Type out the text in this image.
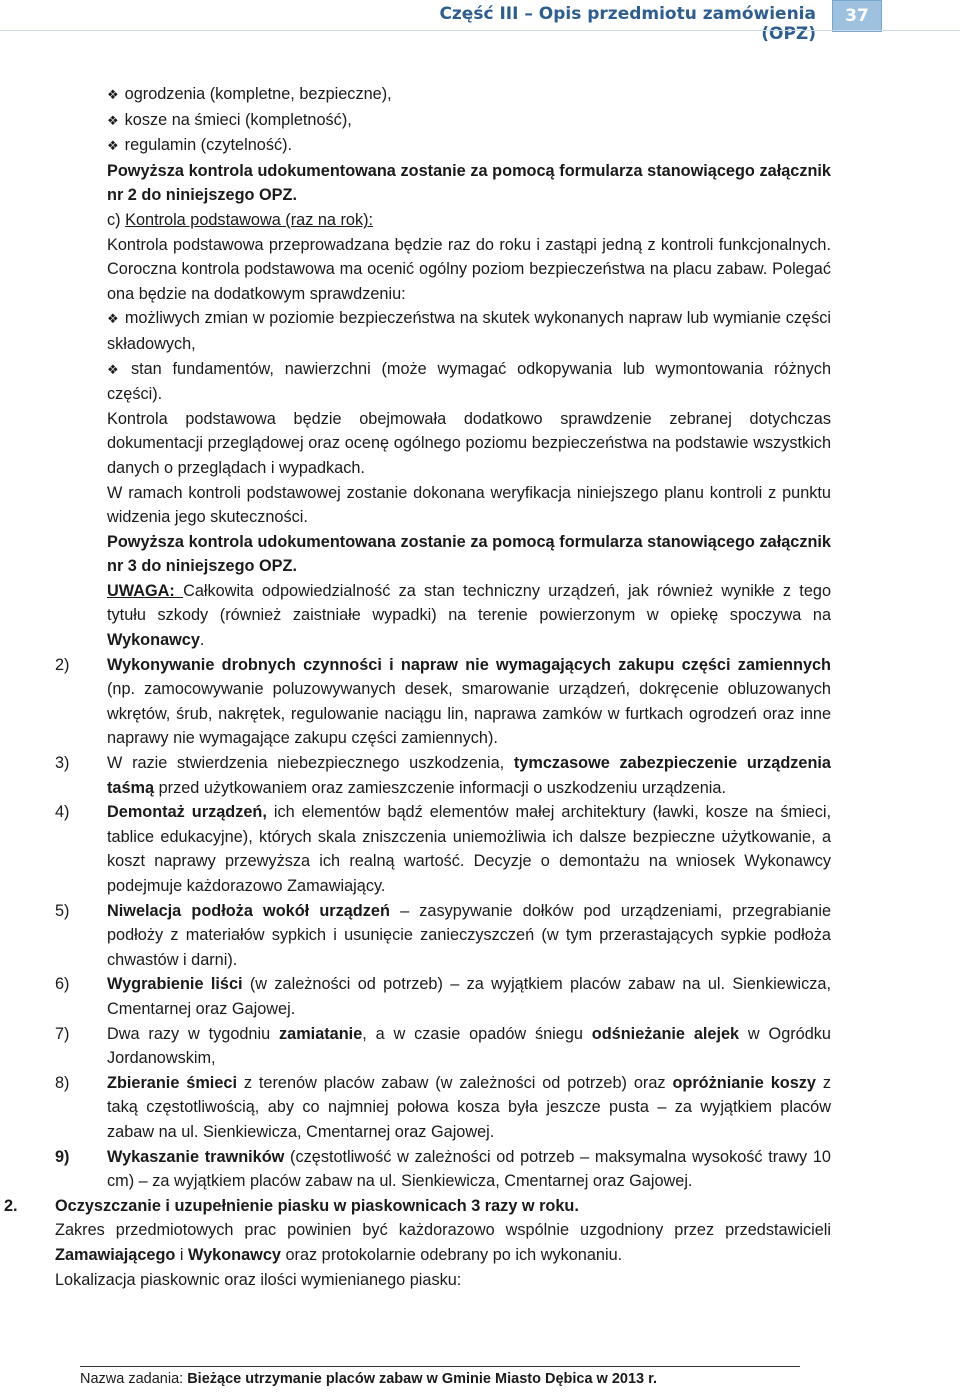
Część III – Opis przedmiotu zamówienia (OPZ)
37

❖ ogrodzenia (kompletne, bezpieczne),

❖ kosze na śmieci (kompletność),

❖ regulamin (czytelność).

Powyższa kontrola udokumentowana zostanie za pomocą formularza stanowiącego załącznik nr 2 do niniejszego OPZ.

c) Kontrola podstawowa (raz na rok):

Kontrola podstawowa przeprowadzana będzie raz do roku i zastąpi jedną z kontroli funkcjonalnych. Coroczna kontrola podstawowa ma ocenić ogólny poziom bezpieczeństwa na placu zabaw. Polegać ona będzie na dodatkowym sprawdzeniu:

❖ możliwych zmian w poziomie bezpieczeństwa na skutek wykonanych napraw lub wymianie części składowych,

❖ stan fundamentów, nawierzchni (może wymagać odkopywania lub wymontowania różnych części).

Kontrola podstawowa będzie obejmowała dodatkowo sprawdzenie zebranej dotychczas dokumentacji przeglądowej oraz ocenę ogólnego poziomu bezpieczeństwa na podstawie wszystkich danych o przeglądach i wypadkach.

W ramach kontroli podstawowej zostanie dokonana weryfikacja niniejszego planu kontroli z punktu widzenia jego skuteczności.

Powyższa kontrola udokumentowana zostanie za pomocą formularza stanowiącego załącznik nr 3 do niniejszego OPZ.

UWAGA: Całkowita odpowiedzialność za stan techniczny urządzeń, jak również wynikłe z tego tytułu szkody (również zaistniałe wypadki) na terenie powierzonym w opiekę spoczywa na Wykonawcy.

2) Wykonywanie drobnych czynności i napraw nie wymagających zakupu części zamiennych (np. zamocowywanie poluzowywanych desek, smarowanie urządzeń, dokręcenie obluzowanych wkrętów, śrub, nakrętek, regulowanie naciągu lin, naprawa zamków w furtkach ogrodzeń oraz inne naprawy nie wymagające zakupu części zamiennych).

3) W razie stwierdzenia niebezpiecznego uszkodzenia, tymczasowe zabezpieczenie urządzenia taśmą przed użytkowaniem oraz zamieszczenie informacji o uszkodzeniu urządzenia.

4) Demontaż urządzeń, ich elementów bądź elementów małej architektury (ławki, kosze na śmieci, tablice edukacyjne), których skala zniszczenia uniemożliwia ich dalsze bezpieczne użytkowanie, a koszt naprawy przewyższa ich realną wartość. Decyzje o demontażu na wniosek Wykonawcy podejmuje każdorazowo Zamawiający.

5) Niwelacja podłoża wokół urządzeń – zasypywanie dołków pod urządzeniami, przegrabianie podłoży z materiałów sypkich i usunięcie zanieczyszczeń (w tym przerastających sypkie podłoża chwastów i darni).

6) Wygrabienie liści (w zależności od potrzeb) – za wyjątkiem placów zabaw na ul. Sienkiewicza, Cmentarnej oraz Gajowej.

7) Dwa razy w tygodniu zamiatanie, a w czasie opadów śniegu odśnieżanie alejek w Ogródku Jordanowskim,

8) Zbieranie śmieci z terenów placów zabaw (w zależności od potrzeb) oraz opróżnianie koszy z taką częstotliwością, aby co najmniej połowa kosza była jeszcze pusta – za wyjątkiem placów zabaw na ul. Sienkiewicza, Cmentarnej oraz Gajowej.

9) Wykaszanie trawników (częstotliwość w zależności od potrzeb – maksymalna wysokość trawy 10 cm) – za wyjątkiem placów zabaw na ul. Sienkiewicza, Cmentarnej oraz Gajowej.

2. Oczyszczanie i uzupełnienie piasku w piaskownicach 3 razy w roku.

Zakres przedmiotowych prac powinien być każdorazowo wspólnie uzgodniony przez przedstawicieli Zamawiającego i Wykonawcy oraz protokolarnie odebrany po ich wykonaniu.

Lokalizacja piaskownic oraz ilości wymienianego piasku:

Nazwa zadania: Bieżące utrzymanie placów zabaw w Gminie Miasto Dębica w 2013 r.
